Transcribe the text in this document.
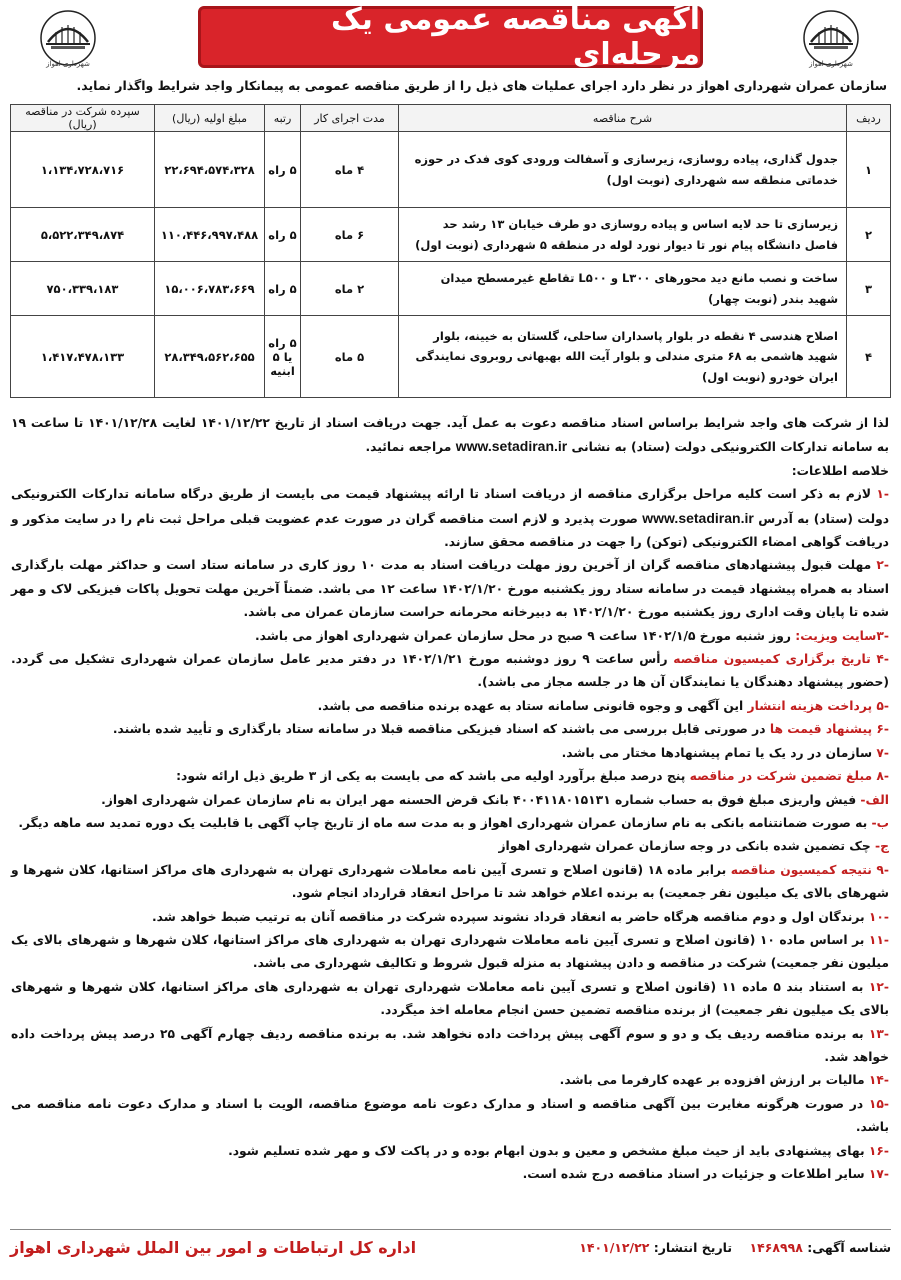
شهرداری اهواز
آگهی مناقصه عمومی یک مرحله‌ای
شهرداری اهواز
سازمان عمران شهرداری اهواز در نظر دارد اجرای عملیات های ذیل را از طریق مناقصه عمومی به پیمانکار واجد شرایط واگذار نماید.
ردیف	شرح مناقصه	مدت اجرای کار	رتبه	مبلغ اولیه (ریال)	سپرده شرکت در مناقصه (ریال)
۱	جدول گذاری، پیاده روسازی، زیرسازی و آسفالت ورودی کوی فدک در حوزه خدماتی منطقه سه شهرداری (نوبت اول)	۴ ماه	۵ راه	۲۲،۶۹۴،۵۷۴،۳۲۸	۱،۱۳۴،۷۲۸،۷۱۶
۲	زیرسازی تا حد لایه اساس و پیاده روسازی دو طرف خیابان ۱۳ رشد حد فاصل دانشگاه پیام نور تا دیوار نورد لوله در منطقه ۵ شهرداری (نوبت اول)	۶ ماه	۵ راه	۱۱۰،۴۴۶،۹۹۷،۴۸۸	۵،۵۲۲،۳۴۹،۸۷۴
۳	ساخت و نصب مانع دید محورهای L۳۰۰ و L۵۰۰ تقاطع غیرمسطح میدان شهید بندر (نوبت چهار)	۲ ماه	۵ راه	۱۵،۰۰۶،۷۸۳،۶۶۹	۷۵۰،۳۳۹،۱۸۳
۴	اصلاح هندسی ۴ نقطه در بلوار پاسداران ساحلی، گلستان به خیینه، بلوار شهید هاشمی به ۶۸ متری مندلی و بلوار آیت الله بهبهانی روبروی نمایندگی ایران خودرو (نوبت اول)	۵ ماه	۵ راه یا ۵ ابنیه	۲۸،۳۴۹،۵۶۲،۶۵۵	۱،۴۱۷،۴۷۸،۱۳۳

لذا از شرکت های واجد شرایط براساس اسناد مناقصه دعوت به عمل آید. جهت دریافت اسناد از تاریخ ۱۴۰۱/۱۲/۲۲ لغایت ۱۴۰۱/۱۲/۲۸ تا ساعت ۱۹ به سامانه تدارکات الکترونیکی دولت (ستاد) به نشانی www.setadiran.ir مراجعه نمائید.

خلاصه اطلاعات:

-۱ لازم به ذکر است کلیه مراحل برگزاری مناقصه از دریافت اسناد تا ارائه پیشنهاد قیمت می بایست از طریق درگاه سامانه تدارکات الکترونیکی دولت (ستاد) به آدرس www.setadiran.ir صورت پذیرد و لازم است مناقصه گران در صورت عدم عضویت قبلی مراحل ثبت نام را در سایت مذکور و دریافت گواهی امضاء الکترونیکی (توکن) را جهت در مناقصه محقق سازند.

-۲ مهلت قبول پیشنهادهای مناقصه گران از آخرین روز مهلت دریافت اسناد به مدت ۱۰ روز کاری در سامانه ستاد است و حداکثر مهلت بارگذاری اسناد به همراه پیشنهاد قیمت در سامانه ستاد روز یکشنبه مورخ ۱۴۰۲/۱/۲۰ ساعت ۱۲ می باشد. ضمناً آخرین مهلت تحویل پاکات فیزیکی لاک و مهر شده تا پایان وقت اداری روز یکشنبه مورخ ۱۴۰۲/۱/۲۰ به دبیرخانه محرمانه حراست سازمان عمران می باشد.

-۳سایت ویزیت: روز شنبه مورخ ۱۴۰۲/۱/۵ ساعت ۹ صبح در محل سازمان عمران شهرداری اهواز می باشد.

-۴ تاریخ برگزاری کمیسیون مناقصه رأس ساعت ۹ روز دوشنبه مورخ ۱۴۰۲/۱/۲۱ در دفتر مدیر عامل سازمان عمران شهرداری تشکیل می گردد. (حضور پیشنهاد دهندگان یا نمایندگان آن ها در جلسه مجاز می باشد).

-۵ پرداخت هزینه انتشار این آگهی و وجوه قانونی سامانه ستاد به عهده برنده مناقصه می باشد.

-۶ پیشنهاد قیمت ها در صورتی قابل بررسی می باشند که اسناد فیزیکی مناقصه قبلا در سامانه ستاد بارگذاری و تأیید شده باشند.

-۷ سازمان در رد یک یا تمام پیشنهادها مختار می باشد.

-۸ مبلغ تضمین شرکت در مناقصه پنج درصد مبلغ برآورد اولیه می باشد که می بایست به یکی از ۳ طریق ذیل ارائه شود:

الف- فیش واریزی مبلغ فوق به حساب شماره ۴۰۰۴۱۱۸۰۱۵۱۳۱ بانک قرض الحسنه مهر ایران به نام سازمان عمران شهرداری اهواز.

ب- به صورت ضمانتنامه بانکی به نام سازمان عمران شهرداری اهواز و به مدت سه ماه از تاریخ چاپ آگهی با قابلیت یک دوره تمدید سه ماهه دیگر.

ج- چک تضمین شده بانکی در وجه سازمان عمران شهرداری اهواز

-۹ نتیجه کمیسیون مناقصه برابر ماده ۱۸ (قانون اصلاح و تسری آیین نامه معاملات شهرداری تهران به شهرداری های مراکز استانها، کلان شهرها و شهرهای بالای یک میلیون نفر جمعیت) به برنده اعلام خواهد شد تا مراحل انعقاد قرارداد انجام شود.

-۱۰ برندگان اول و دوم مناقصه هرگاه حاضر به انعقاد قرداد نشوند سپرده شرکت در مناقصه آنان به ترتیب ضبط خواهد شد.

-۱۱ بر اساس ماده ۱۰ (قانون اصلاح و تسری آیین نامه معاملات شهرداری تهران به شهرداری های مراکز استانها، کلان شهرها و شهرهای بالای یک میلیون نفر جمعیت) شرکت در مناقصه و دادن پیشنهاد به منزله قبول شروط و تکالیف شهرداری می باشد.

-۱۲ به استناد بند ۵ ماده ۱۱ (قانون اصلاح و تسری آیین نامه معاملات شهرداری تهران به شهرداری های مراکز استانها، کلان شهرها و شهرهای بالای یک میلیون نفر جمعیت) از برنده مناقصه تضمین حسن انجام معامله اخذ میگردد.

-۱۳ به برنده مناقصه ردیف یک و دو و سوم آگهی پیش پرداخت داده نخواهد شد. به برنده مناقصه ردیف چهارم آگهی ۲۵ درصد پیش پرداخت داده خواهد شد.

-۱۴ مالیات بر ارزش افزوده بر عهده کارفرما می باشد.

-۱۵ در صورت هرگونه مغایرت بین آگهی مناقصه و اسناد و مدارک دعوت نامه موضوع مناقصه، الویت با اسناد و مدارک دعوت نامه مناقصه می باشد.

-۱۶ بهای پیشنهادی باید از حیث مبلغ مشخص و معین و بدون ابهام بوده و در پاکت لاک و مهر شده تسلیم شود.

-۱۷ سایر اطلاعات و جزئیات در اسناد مناقصه درج شده است.

شناسه آگهی: ۱۴۶۸۹۹۸    تاریخ انتشار: ۱۴۰۱/۱۲/۲۲
اداره کل ارتباطات و امور بین الملل شهرداری اهواز
